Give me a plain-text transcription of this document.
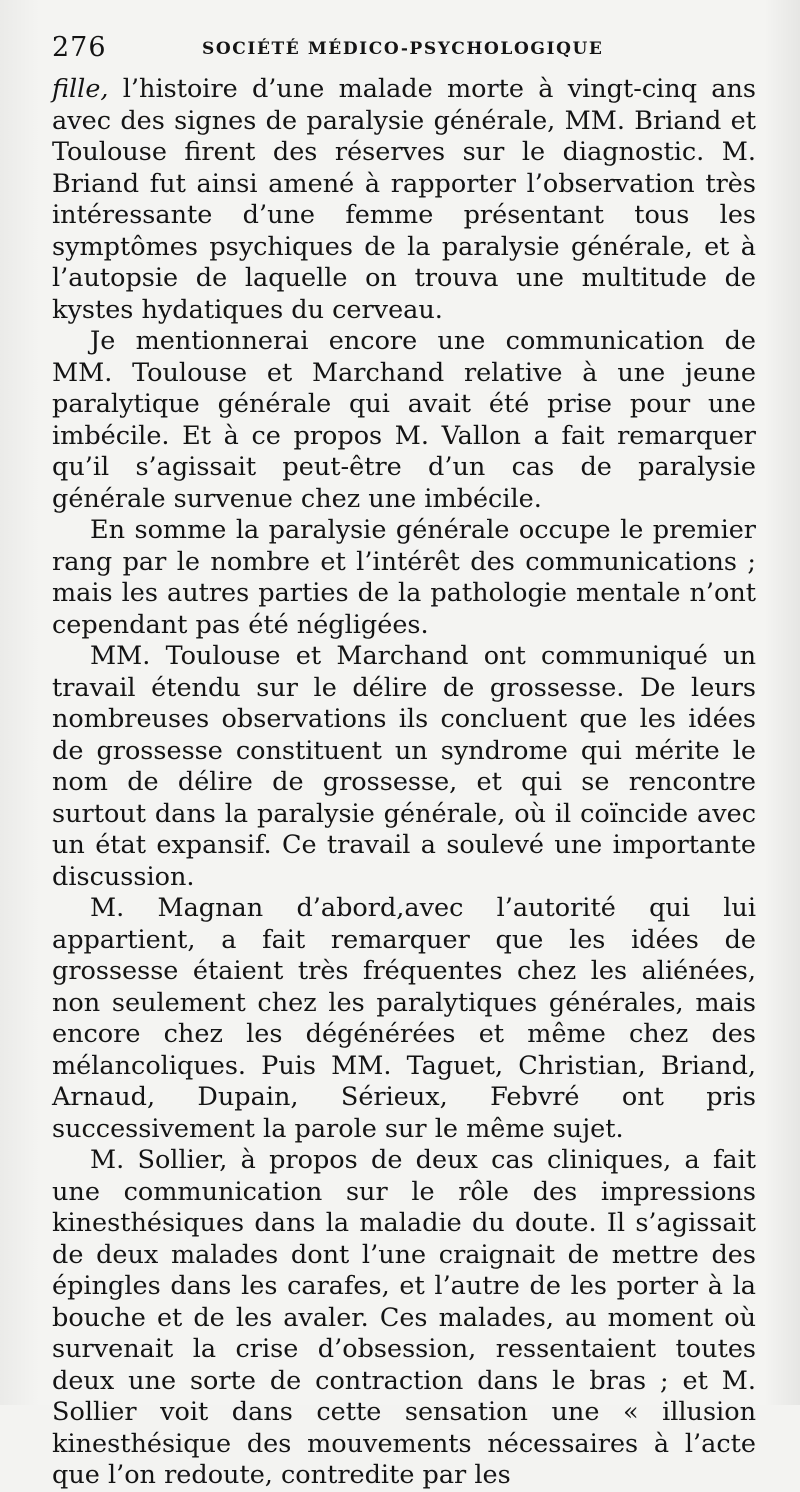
276	SOCIÉTÉ MÉDICO-PSYCHOLOGIQUE

fille, l’histoire d’une malade morte à vingt-cinq ans avec des signes de paralysie générale, MM. Briand et Toulouse firent des réserves sur le diagnostic. M. Briand fut ainsi amené à rapporter l’observation très intéressante d’une femme présentant tous les symptômes psychiques de la paralysie générale, et à l’autopsie de laquelle on trouva une multitude de kystes hydatiques du cerveau.

Je mentionnerai encore une communication de MM. Toulouse et Marchand relative à une jeune paralytique générale qui avait été prise pour une imbécile. Et à ce propos M. Vallon a fait remarquer qu’il s’agissait peut-être d’un cas de paralysie générale survenue chez une imbécile.

En somme la paralysie générale occupe le premier rang par le nombre et l’intérêt des communications ; mais les autres parties de la pathologie mentale n’ont cependant pas été négligées.

MM. Toulouse et Marchand ont communiqué un travail étendu sur le délire de grossesse. De leurs nombreuses observations ils concluent que les idées de grossesse constituent un syndrome qui mérite le nom de délire de grossesse, et qui se rencontre surtout dans la paralysie générale, où il coïncide avec un état expansif. Ce travail a soulevé une importante discussion.

M. Magnan d’abord,avec l’autorité qui lui appartient, a fait remarquer que les idées de grossesse étaient très fréquentes chez les aliénées, non seulement chez les paralytiques générales, mais encore chez les dégénérées et même chez des mélancoliques. Puis MM. Taguet, Christian, Briand, Arnaud, Dupain, Sérieux, Febvré ont pris successivement la parole sur le même sujet.

M. Sollier, à propos de deux cas cliniques, a fait une communication sur le rôle des impressions kinesthésiques dans la maladie du doute. Il s’agissait de deux malades dont l’une craignait de mettre des épingles dans les carafes, et l’autre de les porter à la bouche et de les avaler. Ces malades, au moment où survenait la crise d’obsession, ressentaient toutes deux une sorte de contraction dans le bras ; et M. Sollier voit dans cette sensation une « illusion kinesthésique des mouvements nécessaires à l’acte que l’on redoute, contredite par les
